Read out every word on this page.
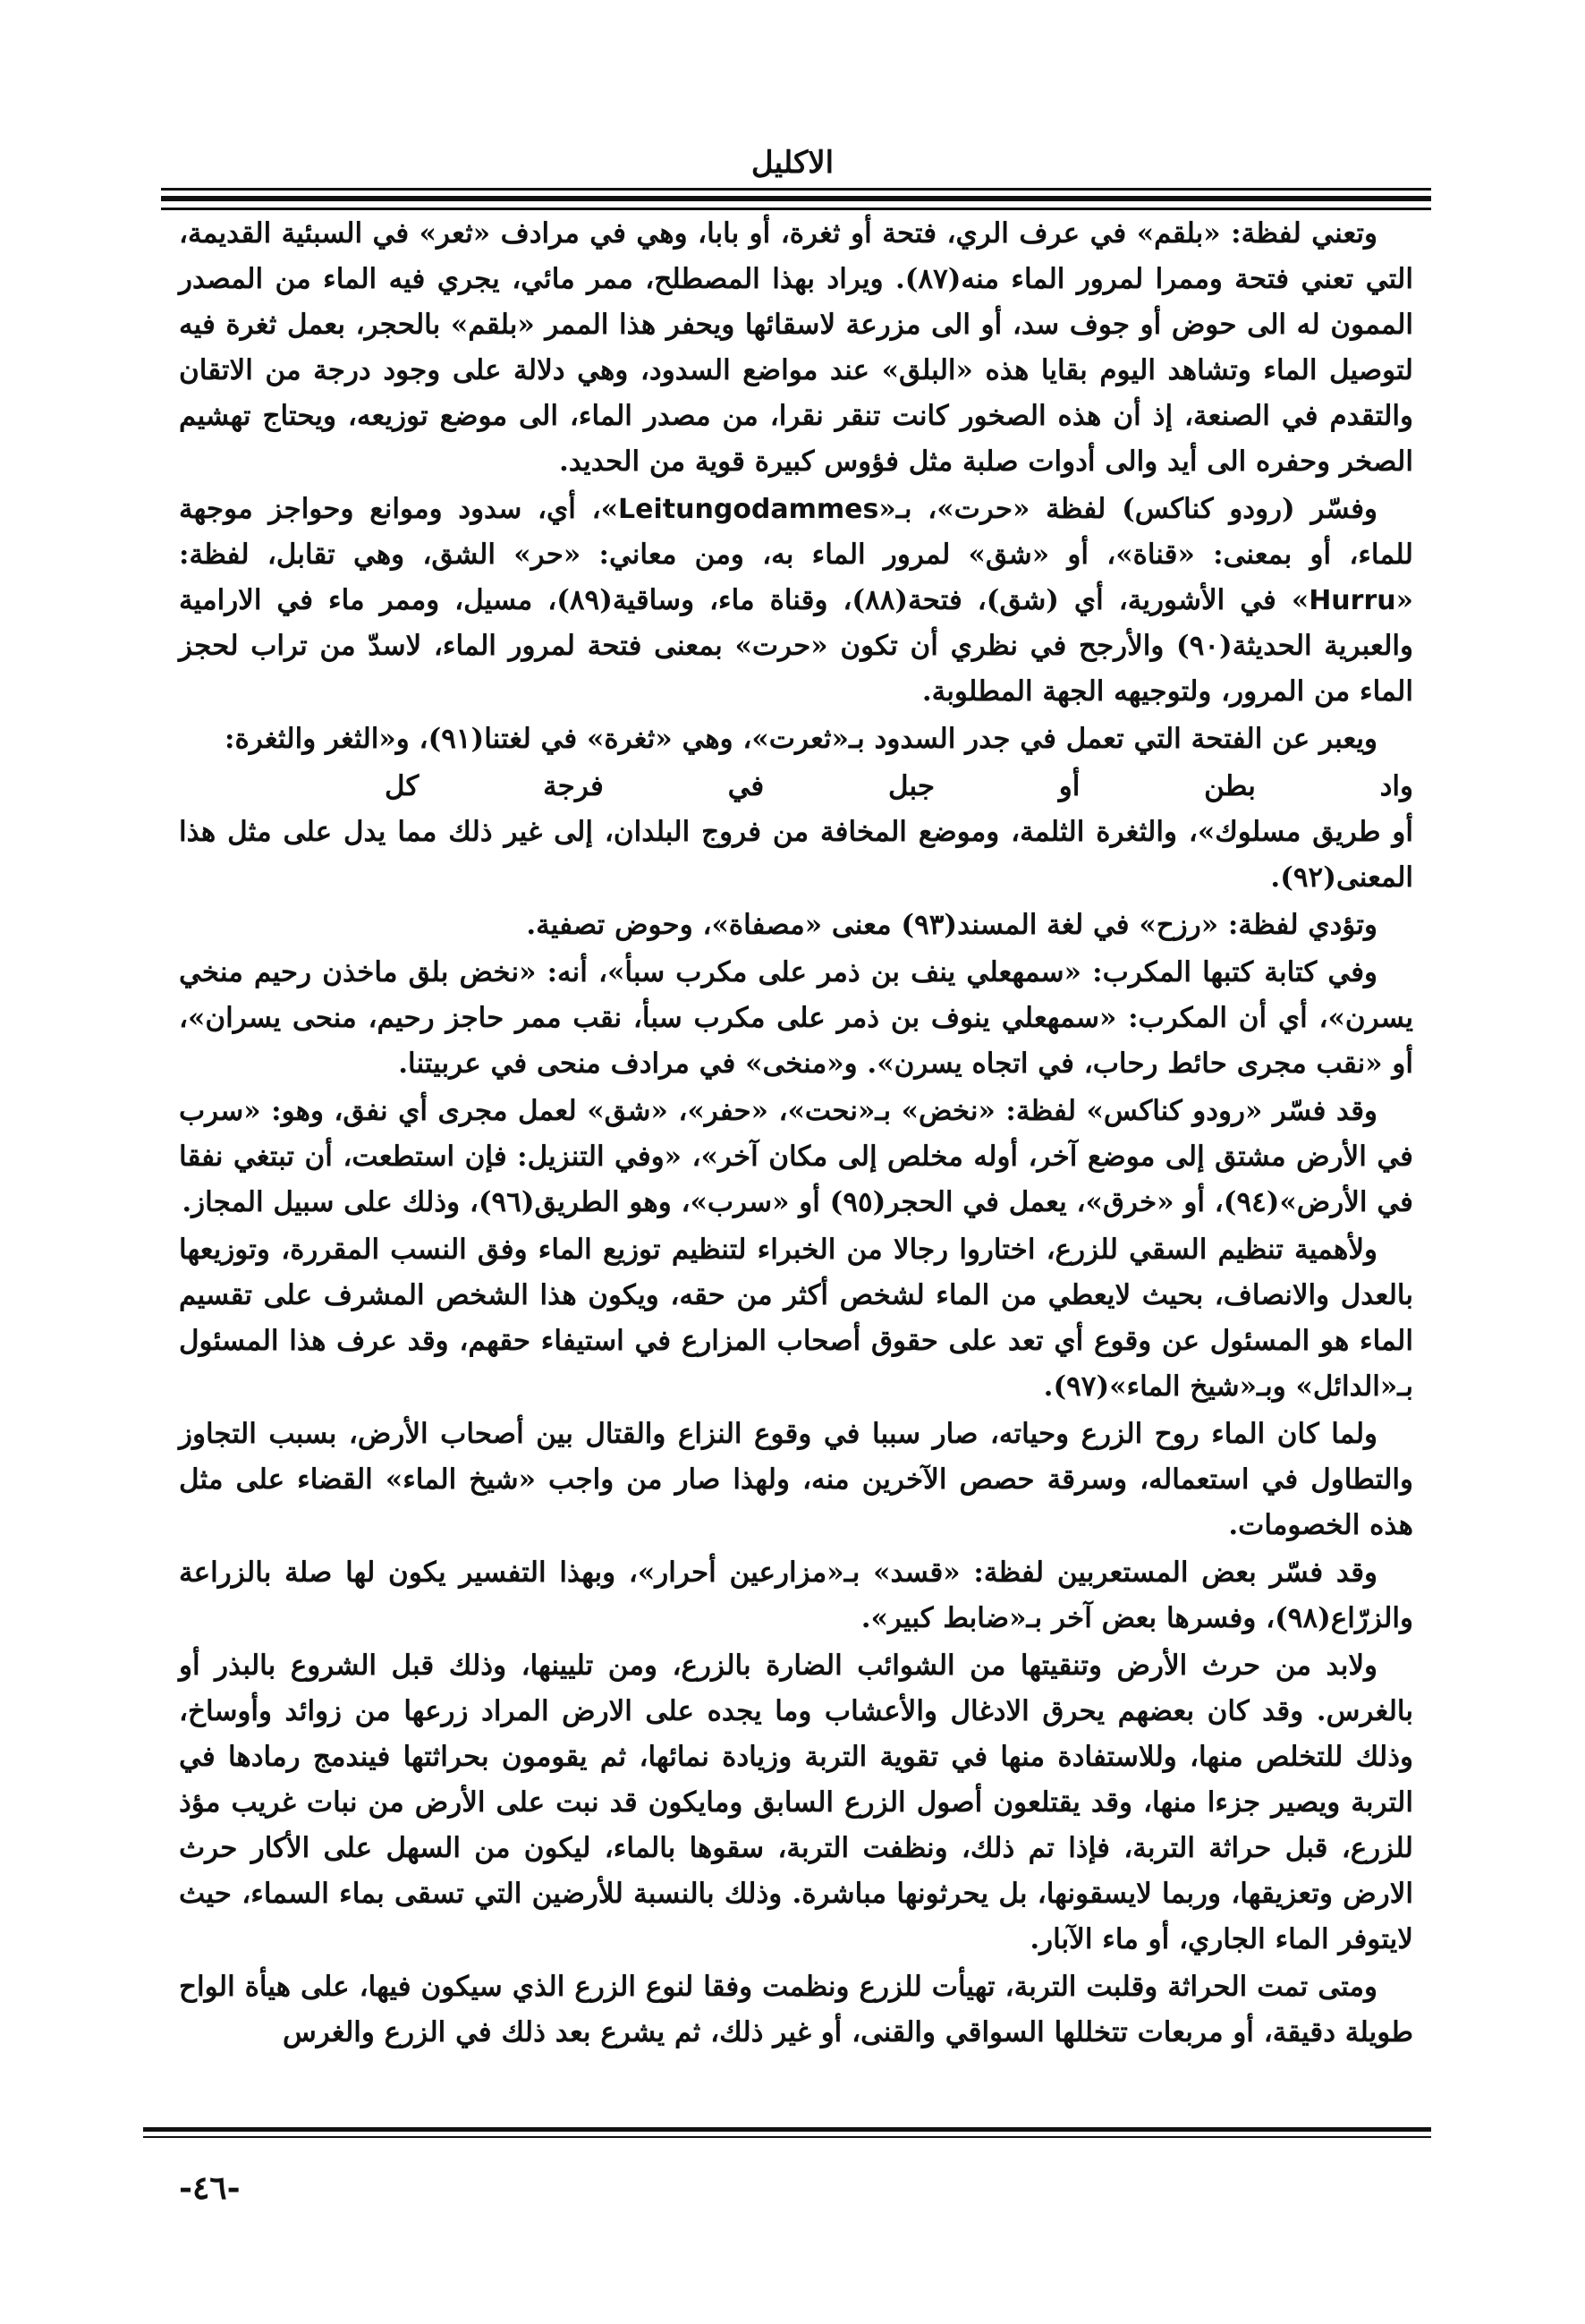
الاكليل

وتعني لفظة: «بلقم» في عرف الري، فتحة أو ثغرة، أو بابا، وهي في مرادف «ثعر» في السبئية القديمة، التي تعني فتحة وممرا لمرور الماء منه(٨٧). ويراد بهذا المصطلح، ممر مائي، يجري فيه الماء من المصدر الممون له الى حوض أو جوف سد، أو الى مزرعة لاسقائها ويحفر هذا الممر «بلقم» بالحجر، بعمل ثغرة فيه لتوصيل الماء وتشاهد اليوم بقايا هذه «البلق» عند مواضع السدود، وهي دلالة على وجود درجة من الاتقان والتقدم في الصنعة، إذ أن هذه الصخور كانت تنقر نقرا، من مصدر الماء، الى موضع توزيعه، ويحتاج تهشيم الصخر وحفره الى أيد والى أدوات صلبة مثل فؤوس كبيرة قوية من الحديد.

وفسّر (رودو كناكس) لفظة «حرت»، بـ«Leitungodammes»، أي، سدود وموانع وحواجز موجهة للماء، أو بمعنى: «قناة»، أو «شق» لمرور الماء به، ومن معاني: «حر» الشق، وهي تقابل، لفظة: «Hurru» في الأشورية، أي (شق)، فتحة(٨٨)، وقناة ماء، وساقية(٨٩)، مسيل، وممر ماء في الارامية والعبرية الحديثة(٩٠) والأرجح في نظري أن تكون «حرت» بمعنى فتحة لمرور الماء، لاسدّ من تراب لحجز الماء من المرور، ولتوجيهه الجهة المطلوبة.

ويعبر عن الفتحة التي تعمل في جدر السدود بـ«ثعرت»، وهي «ثغرة» في لغتنا(٩١)، و«الثغر والثغرة:

كل	فرجة	في	جبل	أو	بطن	واد

أو طريق مسلوك»، والثغرة الثلمة، وموضع المخافة من فروج البلدان، إلى غير ذلك مما يدل على مثل هذا المعنى(٩٢).

وتؤدي لفظة: «رزح» في لغة المسند(٩٣) معنى «مصفاة»، وحوض تصفية.

وفي كتابة كتبها المكرب: «سمهعلي ينف بن ذمر على مكرب سبأ»، أنه: «نخض بلق ماخذن رحيم منخي يسرن»، أي أن المكرب: «سمهعلي ينوف بن ذمر على مكرب سبأ، نقب ممر حاجز رحيم، منحى يسران»، أو «نقب مجرى حائط رحاب، في اتجاه يسرن». و«منخى» في مرادف منحى في عربيتنا.

وقد فسّر «رودو كناكس» لفظة: «نخض» بـ«نحت»، «حفر»، «شق» لعمل مجرى أي نفق، وهو: «سرب في الأرض مشتق إلى موضع آخر، أوله مخلص إلى مكان آخر»، «وفي التنزيل: فإن استطعت، أن تبتغي نفقا في الأرض»(٩٤)، أو «خرق»، يعمل في الحجر(٩٥) أو «سرب»، وهو الطريق(٩٦)، وذلك على سبيل المجاز.

ولأهمية تنظيم السقي للزرع، اختاروا رجالا من الخبراء لتنظيم توزيع الماء وفق النسب المقررة، وتوزيعها بالعدل والانصاف، بحيث لايعطي من الماء لشخص أكثر من حقه، ويكون هذا الشخص المشرف على تقسيم الماء هو المسئول عن وقوع أي تعد على حقوق أصحاب المزارع في استيفاء حقهم، وقد عرف هذا المسئول بـ«الدائل» وبـ«شيخ الماء»(٩٧).

ولما كان الماء روح الزرع وحياته، صار سببا في وقوع النزاع والقتال بين أصحاب الأرض، بسبب التجاوز والتطاول في استعماله، وسرقة حصص الآخرين منه، ولهذا صار من واجب «شيخ الماء» القضاء على مثل هذه الخصومات.

وقد فسّر بعض المستعربين لفظة: «قسد» بـ«مزارعين أحرار»، وبهذا التفسير يكون لها صلة بالزراعة والزرّاع(٩٨)، وفسرها بعض آخر بـ«ضابط كبير».

ولابد من حرث الأرض وتنقيتها من الشوائب الضارة بالزرع، ومن تليينها، وذلك قبل الشروع بالبذر أو بالغرس. وقد كان بعضهم يحرق الادغال والأعشاب وما يجده على الارض المراد زرعها من زوائد وأوساخ، وذلك للتخلص منها، وللاستفادة منها في تقوية التربة وزيادة نمائها، ثم يقومون بحراثتها فيندمج رمادها في التربة ويصير جزءا منها، وقد يقتلعون أصول الزرع السابق ومايكون قد نبت على الأرض من نبات غريب مؤذ للزرع، قبل حراثة التربة، فإذا تم ذلك، ونظفت التربة، سقوها بالماء، ليكون من السهل على الأكار حرث الارض وتعزيقها، وربما لايسقونها، بل يحرثونها مباشرة. وذلك بالنسبة للأرضين التي تسقى بماء السماء، حيث لايتوفر الماء الجاري، أو ماء الآبار.

ومتى تمت الحراثة وقلبت التربة، تهيأت للزرع ونظمت وفقا لنوع الزرع الذي سيكون فيها، على هيأة الواح طويلة دقيقة، أو مربعات تتخللها السواقي والقنى، أو غير ذلك، ثم يشرع بعد ذلك في الزرع والغرس

-٤٦-
